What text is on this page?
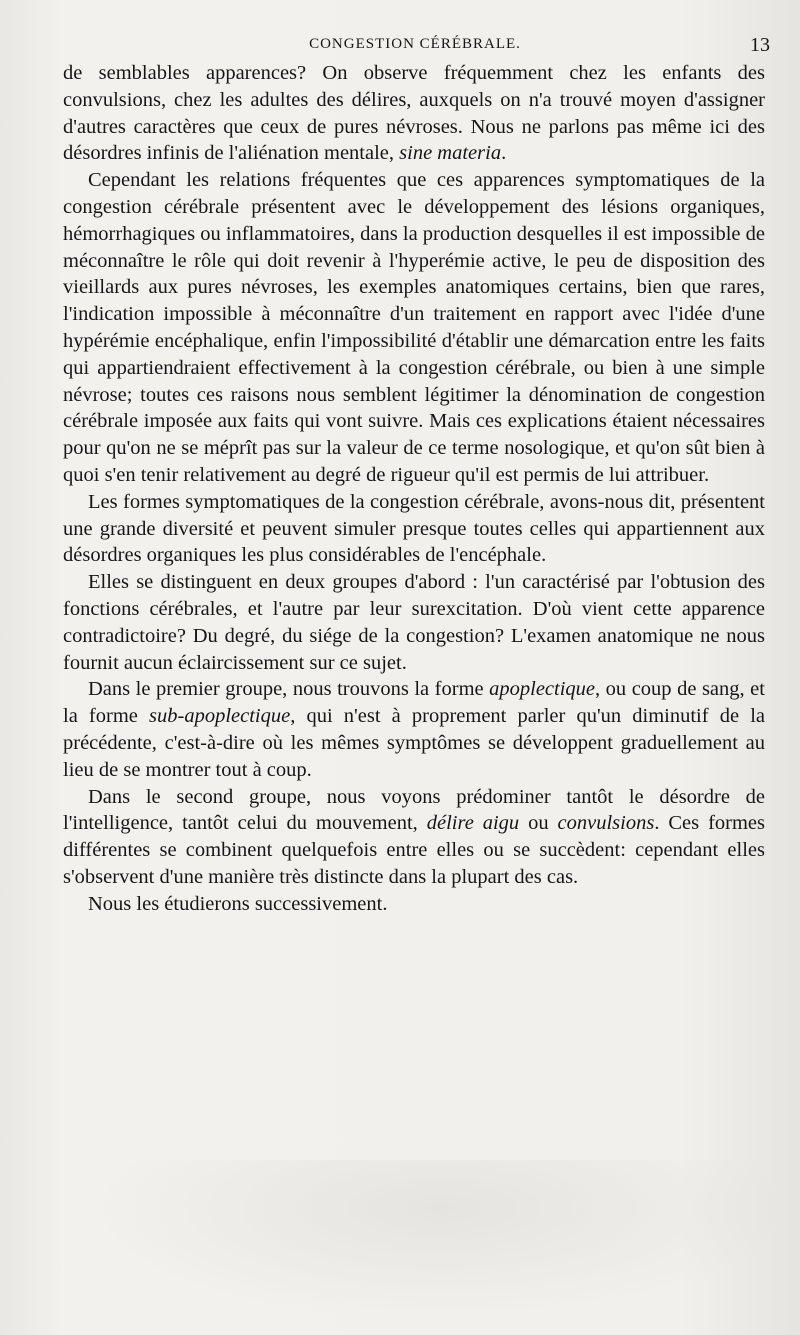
CONGESTION CÉRÉBRALE.	13

de semblables apparences? On observe fréquemment chez les enfants des convulsions, chez les adultes des délires, auxquels on n'a trouvé moyen d'assigner d'autres caractères que ceux de pures névroses. Nous ne parlons pas même ici des désordres infinis de l'aliénation mentale, sine materia.

Cependant les relations fréquentes que ces apparences symptomatiques de la congestion cérébrale présentent avec le développement des lésions organiques, hémorrhagiques ou inflammatoires, dans la production desquelles il est impossible de méconnaître le rôle qui doit revenir à l'hyperémie active, le peu de disposition des vieillards aux pures névroses, les exemples anatomiques certains, bien que rares, l'indication impossible à méconnaître d'un traitement en rapport avec l'idée d'une hypérémie encéphalique, enfin l'impossibilité d'établir une démarcation entre les faits qui appartiendraient effectivement à la congestion cérébrale, ou bien à une simple névrose; toutes ces raisons nous semblent légitimer la dénomination de congestion cérébrale imposée aux faits qui vont suivre. Mais ces explications étaient nécessaires pour qu'on ne se méprît pas sur la valeur de ce terme nosologique, et qu'on sût bien à quoi s'en tenir relativement au degré de rigueur qu'il est permis de lui attribuer.

Les formes symptomatiques de la congestion cérébrale, avons-nous dit, présentent une grande diversité et peuvent simuler presque toutes celles qui appartiennent aux désordres organiques les plus considérables de l'encéphale.

Elles se distinguent en deux groupes d'abord : l'un caractérisé par l'obtusion des fonctions cérébrales, et l'autre par leur surexcitation. D'où vient cette apparence contradictoire? Du degré, du siége de la congestion? L'examen anatomique ne nous fournit aucun éclaircissement sur ce sujet.

Dans le premier groupe, nous trouvons la forme apoplectique, ou coup de sang, et la forme sub-apoplectique, qui n'est à proprement parler qu'un diminutif de la précédente, c'est-à-dire où les mêmes symptômes se développent graduellement au lieu de se montrer tout à coup.

Dans le second groupe, nous voyons prédominer tantôt le désordre de l'intelligence, tantôt celui du mouvement, délire aigu ou convulsions. Ces formes différentes se combinent quelquefois entre elles ou se succèdent: cependant elles s'observent d'une manière très distincte dans la plupart des cas.

Nous les étudierons successivement.
